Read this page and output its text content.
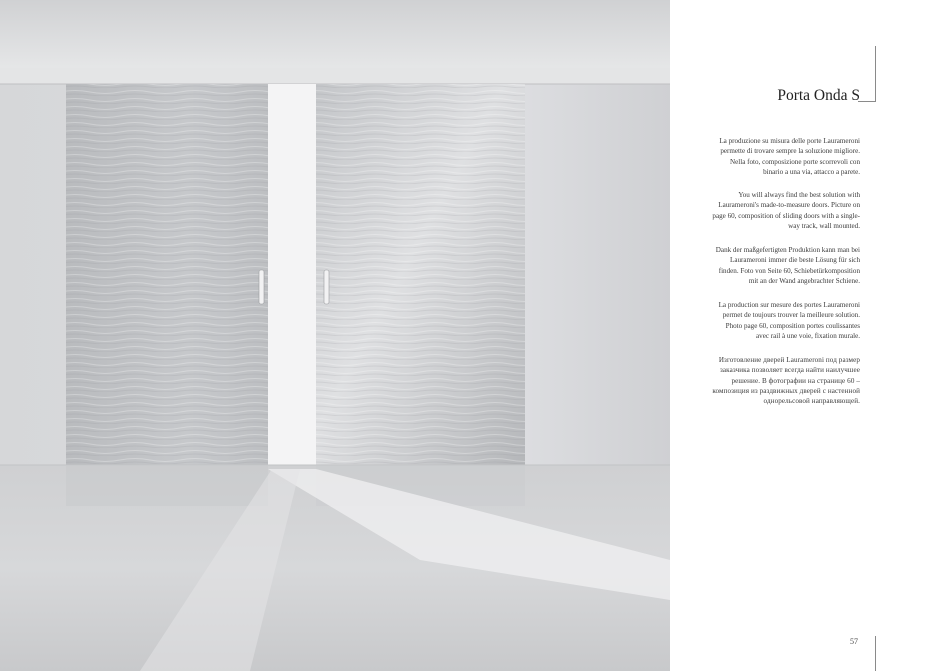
Porta Onda S

La produzione su misura delle porte Laurameroni permette di trovare sempre la soluzione migliore. Nella foto, composizione porte scorrevoli con binario a una via, attacco a parete.

You will always find the best solution with Laurameroni's made-to-measure doors. Picture on page 60, composition of sliding doors with a single-way track, wall mounted.

Dank der maßgefertigten Produktion kann man bei Laurameroni immer die beste Lösung für sich finden. Foto von Seite 60, Schiebetürkomposition mit an der Wand angebrachter Schiene.

La production sur mesure des portes Laurameroni permet de toujours trouver la meilleure solution. Photo page 60, composition portes coulissantes avec rail à une voie, fixation murale.

Изготовление дверей Laurameroni под размер заказчика позволяет всегда найти наилучшее решение. В фотографии на странице 60 – композиция из раздвижных дверей с настенной однорельсовой направляющей.

57
